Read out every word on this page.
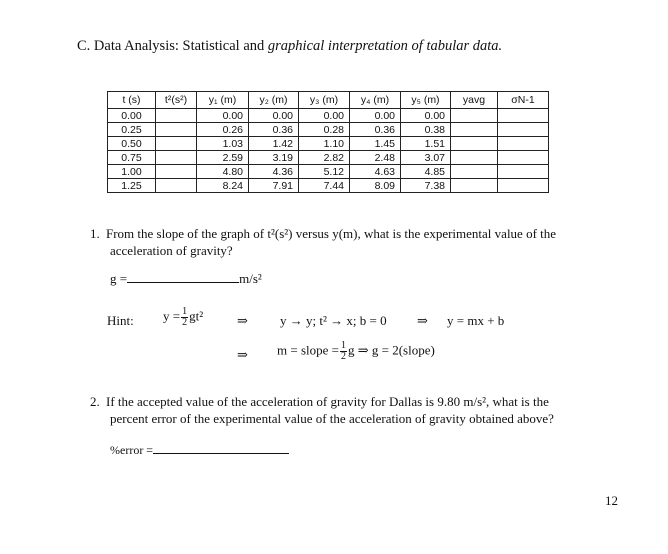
C. Data Analysis: Statistical and graphical interpretation of tabular data.
t (s)	t²(s²)	y₁ (m)	y₂ (m)	y₃ (m)	y₄ (m)	y₅ (m)	yavg	σN-1
0.00		0.00	0.00	0.00	0.00	0.00		
0.25		0.26	0.36	0.28	0.36	0.38		
0.50		1.03	1.42	1.10	1.45	1.51		
0.75		2.59	3.19	2.82	2.48	3.07		
1.00		4.80	4.36	5.12	4.63	4.85		
1.25		8.24	7.91	7.44	8.09	7.38		
1. From the slope of the graph of t²(s²) versus y(m), what is the experimental value of the
acceleration of gravity?
g =	m/s²
Hint: $y = \frac{1}{2} gt^2$	⇒ y → y; t² → x; b = 0 ⇒ y = mx + b
⇒ m = slope = $\frac{1}{2}$ g ⇒ g = 2(slope)
2. If the accepted value of the acceleration of gravity for Dallas is 9.80 m/s², what is the
percent error of the experimental value of the acceleration of gravity obtained above?
%error =
12
